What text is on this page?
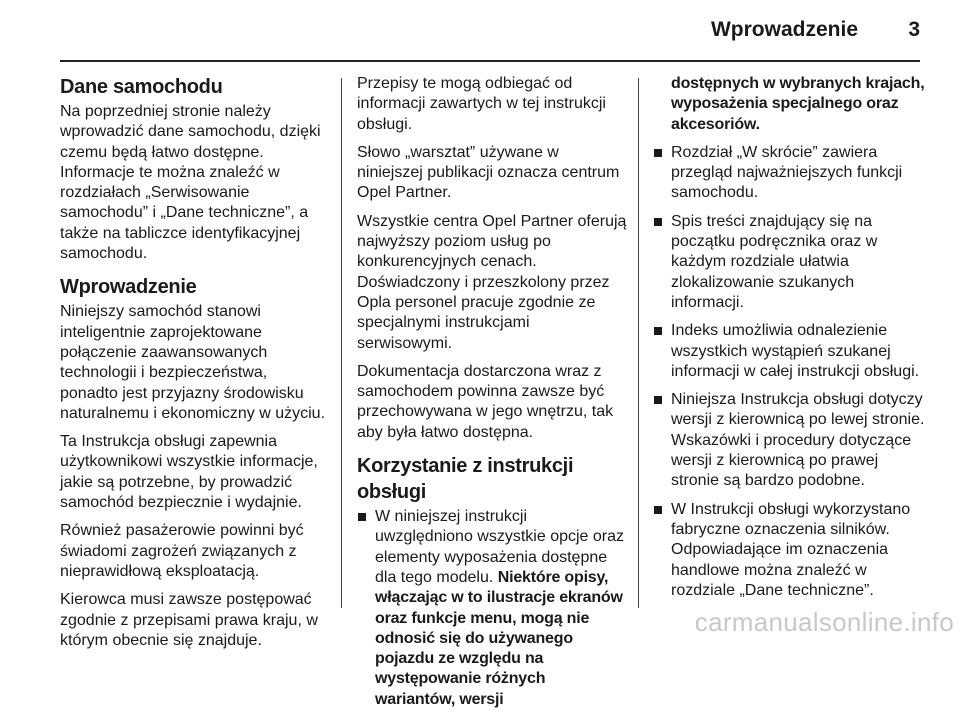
Wprowadzenie 3
Dane samochodu

Na poprzedniej stronie należy wprowadzić dane samochodu, dzięki czemu będą łatwo dostępne. Informacje te można znaleźć w rozdziałach „Serwisowanie samochodu” i „Dane techniczne”, a także na tabliczce identyfikacyjnej samochodu.

Wprowadzenie

Niniejszy samochód stanowi inteligentnie zaprojektowane połączenie zaawansowanych technologii i bezpieczeństwa, ponadto jest przyjazny środowisku naturalnemu i ekonomiczny w użyciu.

Ta Instrukcja obsługi zapewnia użytkownikowi wszystkie informacje, jakie są potrzebne, by prowadzić samochód bezpiecznie i wydajnie.

Również pasażerowie powinni być świadomi zagrożeń związanych z nieprawidłową eksploatacją.

Kierowca musi zawsze postępować zgodnie z przepisami prawa kraju, w którym obecnie się znajduje.

Przepisy te mogą odbiegać od informacji zawartych w tej instrukcji obsługi.

Słowo „warsztat” używane w niniejszej publikacji oznacza centrum Opel Partner.

Wszystkie centra Opel Partner oferują najwyższy poziom usług po konkurencyjnych cenach. Doświadczony i przeszkolony przez Opla personel pracuje zgodnie ze specjalnymi instrukcjami serwisowymi.

Dokumentacja dostarczona wraz z samochodem powinna zawsze być przechowywana w jego wnętrzu, tak aby była łatwo dostępna.

Korzystanie z instrukcji obsługi
W niniejszej instrukcji uwzględniono wszystkie opcje oraz elementy wyposażenia dostępne dla tego modelu. Niektóre opisy, włączając w to ilustracje ekranów oraz funkcje menu, mogą nie odnosić się do używanego pojazdu ze względu na występowanie różnych wariantów, wersji

dostępnych w wybranych krajach, wyposażenia specjalnego oraz akcesoriów.

Rozdział „W skrócie” zawiera przegląd najważniejszych funkcji samochodu.
Spis treści znajdujący się na początku podręcznika oraz w każdym rozdziale ułatwia zlokalizowanie szukanych informacji.
Indeks umożliwia odnalezienie wszystkich wystąpień szukanej informacji w całej instrukcji obsługi.
Niniejsza Instrukcja obsługi dotyczy wersji z kierownicą po lewej stronie. Wskazówki i procedury dotyczące wersji z kierownicą po prawej stronie są bardzo podobne.
W Instrukcji obsługi wykorzystano fabryczne oznaczenia silników. Odpowiadające im oznaczenia handlowe można znaleźć w rozdziale „Dane techniczne”.
carmanualsonline.info
